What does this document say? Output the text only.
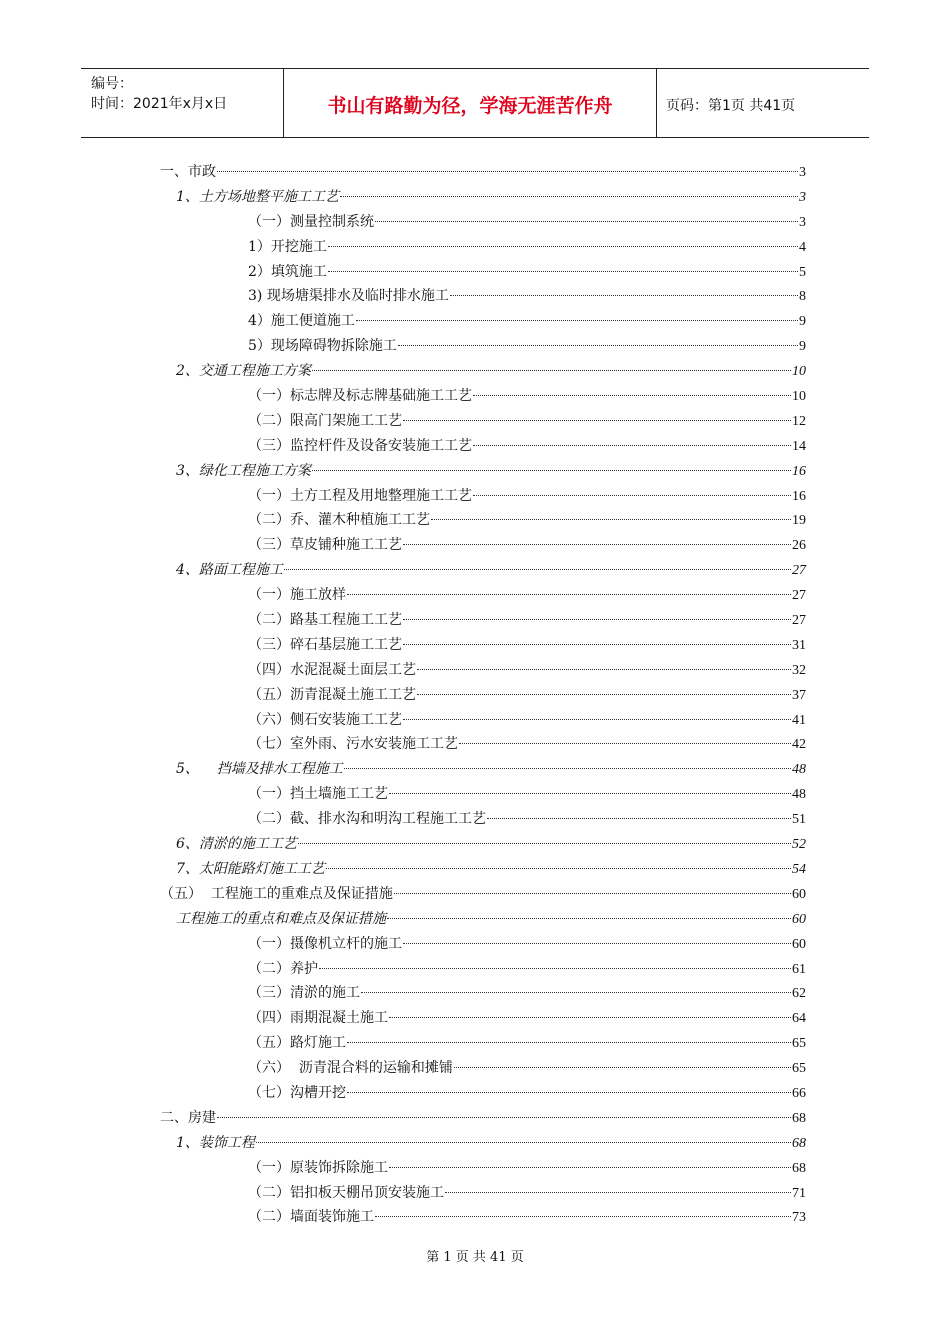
编号：
时间：2021年x月x日	书山有路勤为径，学海无涯苦作舟	页码：第1页 共41页
一、市政	3
1、土方场地整平施工工艺	3
（一）测量控制系统	3
1）开挖施工	4
2）填筑施工	5
3) 现场塘渠排水及临时排水施工	8
4）施工便道施工	9
5）现场障碍物拆除施工	9
2、交通工程施工方案	10
（一）标志牌及标志牌基础施工工艺	10
（二）限高门架施工工艺	12
（三）监控杆件及设备安装施工工艺	14
3、绿化工程施工方案	16
（一）土方工程及用地整理施工工艺	16
（二）乔、灌木种植施工工艺	19
（三）草皮铺种施工工艺	26
4、路面工程施工	27
（一）施工放样	27
（二）路基工程施工工艺	27
（三）碎石基层施工工艺	31
（四）水泥混凝土面层工艺	32
（五）沥青混凝土施工工艺	37
（六）侧石安装施工工艺	41
（七）室外雨、污水安装施工工艺	42
5、    挡墙及排水工程施工	48
（一）挡土墙施工工艺	48
（二）截、排水沟和明沟工程施工工艺	51
6、清淤的施工工艺	52
7、太阳能路灯施工工艺	54
（五）  工程施工的重难点及保证措施	60
工程施工的重点和难点及保证措施	60
（一）摄像机立杆的施工	60
（二）养护	61
（三）清淤的施工	62
（四）雨期混凝土施工	64
（五）路灯施工	65
（六）  沥青混合料的运输和摊铺	65
（七）沟槽开挖	66
二、房建	68
1、装饰工程	68
（一）原装饰拆除施工	68
（二）铝扣板天棚吊顶安装施工	71
（二）墙面装饰施工	73
第 1 页 共 41 页
